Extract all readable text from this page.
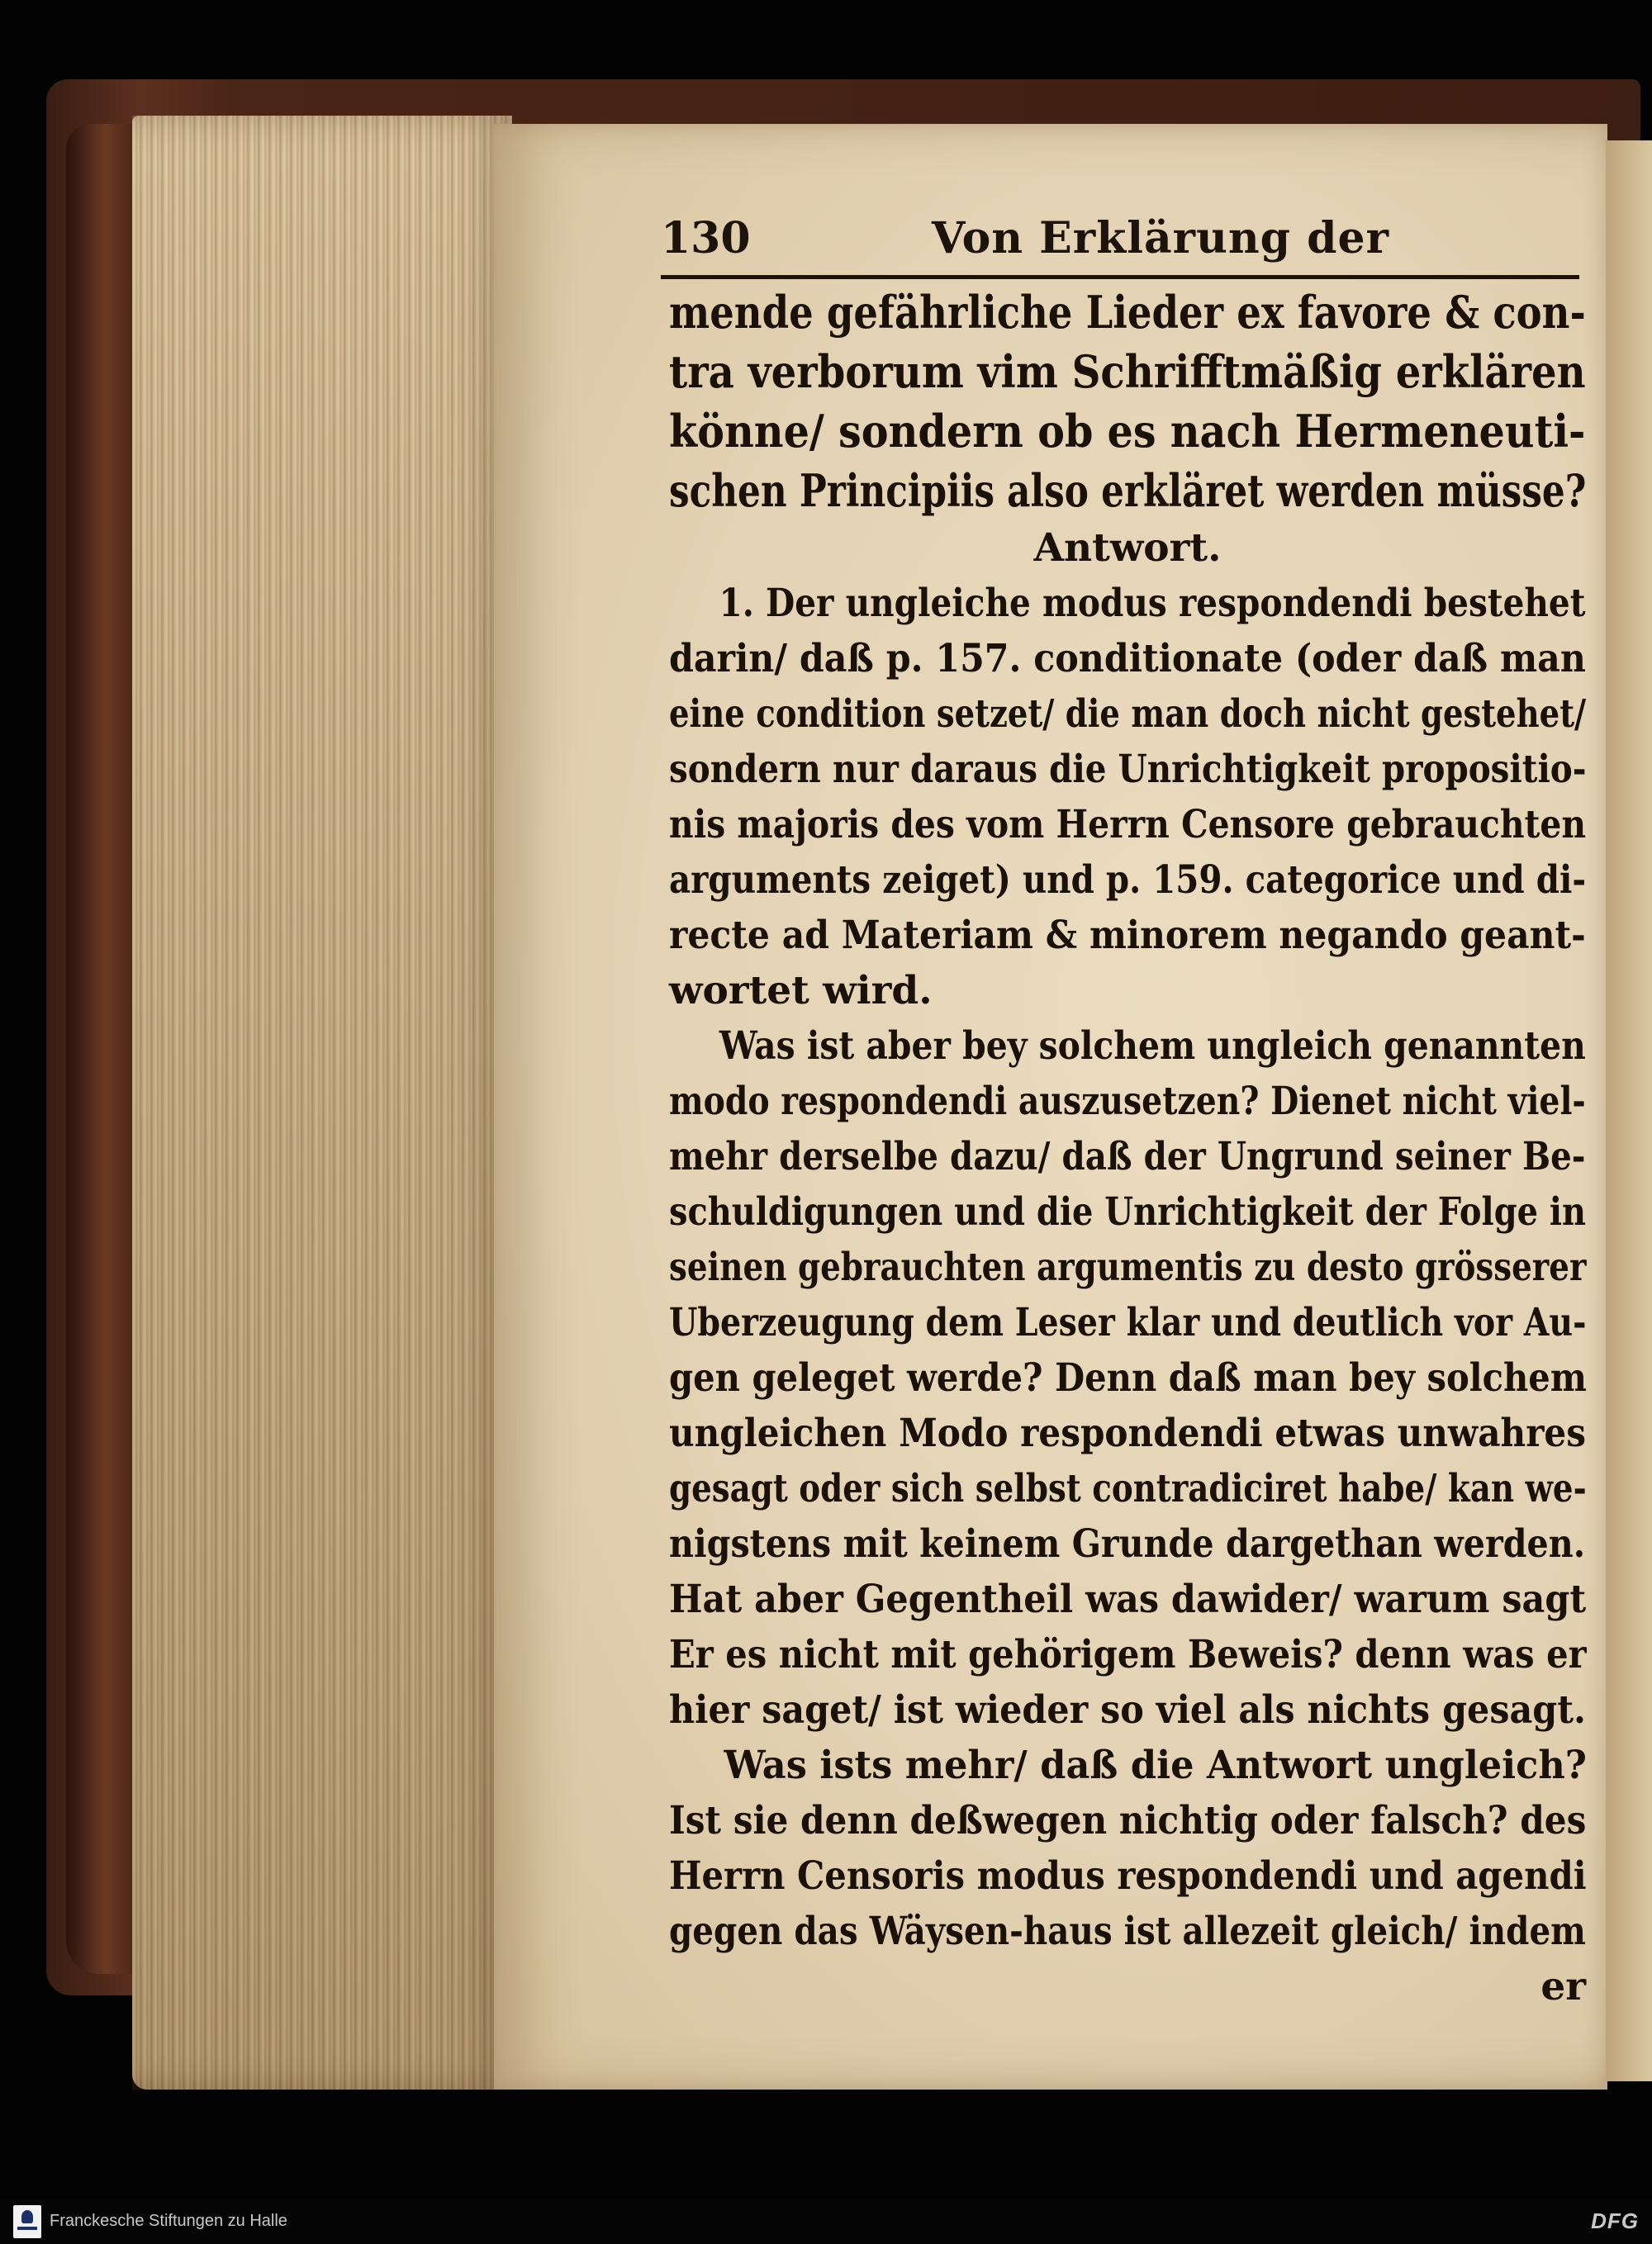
130	Von Erklärung der
mende gefährliche Lieder ex favore & con-
tra verborum vim Schrifftmäßig erklären
könne/ sondern ob es nach Hermeneuti-
schen Principiis also erkläret werden müsse?
Antwort.
1. Der ungleiche modus respondendi bestehet
darin/ daß p. 157. conditionate (oder daß man
eine condition setzet/ die man doch nicht gestehet/
sondern nur daraus die Unrichtigkeit propositio-
nis majoris des vom Herrn Censore gebrauchten
arguments zeiget) und p. 159. categorice und di-
recte ad Materiam & minorem negando geant-
wortet wird.
Was ist aber bey solchem ungleich genannten
modo respondendi auszusetzen? Dienet nicht viel-
mehr derselbe dazu/ daß der Ungrund seiner Be-
schuldigungen und die Unrichtigkeit der Folge in
seinen gebrauchten argumentis zu desto grösserer
Uberzeugung dem Leser klar und deutlich vor Au-
gen geleget werde? Denn daß man bey solchem
ungleichen Modo respondendi etwas unwahres
gesagt oder sich selbst contradiciret habe/ kan we-
nigstens mit keinem Grunde dargethan werden.
Hat aber Gegentheil was dawider/ warum sagt
Er es nicht mit gehörigem Beweis? denn was er
hier saget/ ist wieder so viel als nichts gesagt.
Was ists mehr/ daß die Antwort ungleich?
Ist sie denn deßwegen nichtig oder falsch? des
Herrn Censoris modus respondendi und agendi
gegen das Wäysen-haus ist allezeit gleich/ indem
er
Franckesche Stiftungen zu Halle	DFG
